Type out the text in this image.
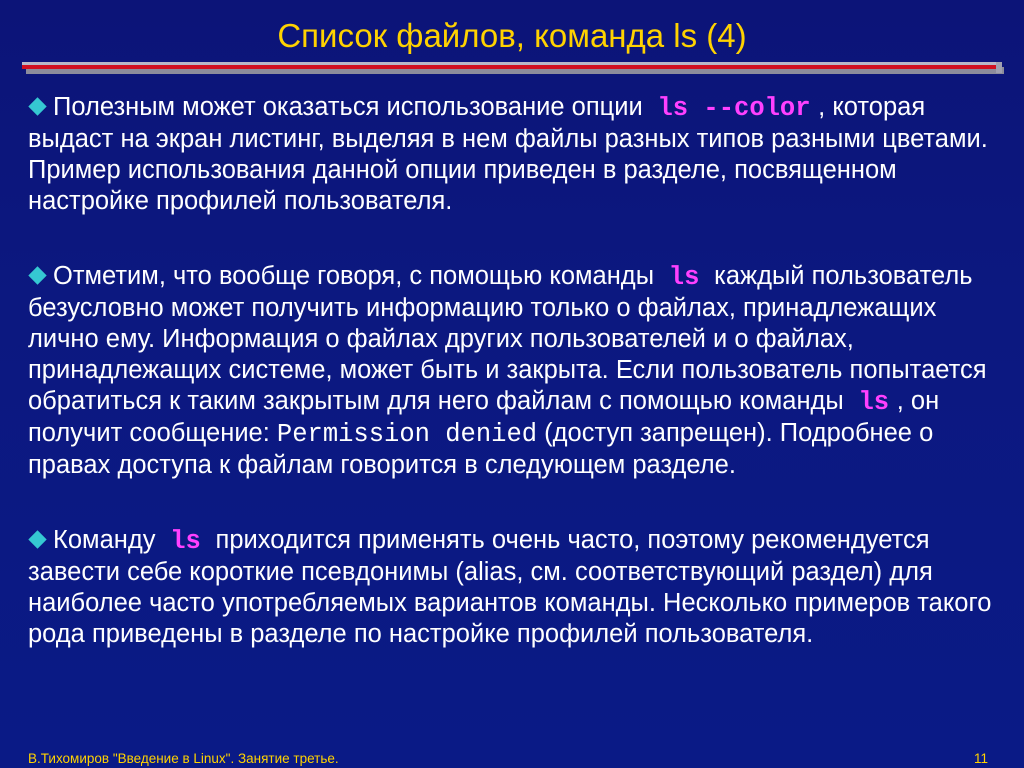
Список файлов, команда ls (4)

Полезным может оказаться использование опции ls --color , которая выдаст на экран листинг, выделяя в нем файлы разных типов разными цветами. Пример использования данной опции приведен в разделе, посвященном настройке профилей пользователя.

Отметим, что вообще говоря, с помощью команды ls каждый пользователь безусловно может получить информацию только о файлах, принадлежащих лично ему. Информация о файлах других пользователей и о файлах, принадлежащих системе, может быть и закрыта. Если пользователь попытается обратиться к таким закрытым для него файлам с помощью команды ls , он получит сообщение: Permission denied (доступ запрещен). Подробнее о правах доступа к файлам говорится в следующем разделе.

Команду ls приходится применять очень часто, поэтому рекомендуется завести себе короткие псевдонимы (alias, см. соответствующий раздел) для наиболее часто употребляемых вариантов команды. Несколько примеров такого рода приведены в разделе по настройке профилей пользователя.

В.Тихомиров "Введение в Linux". Занятие третье.	11
